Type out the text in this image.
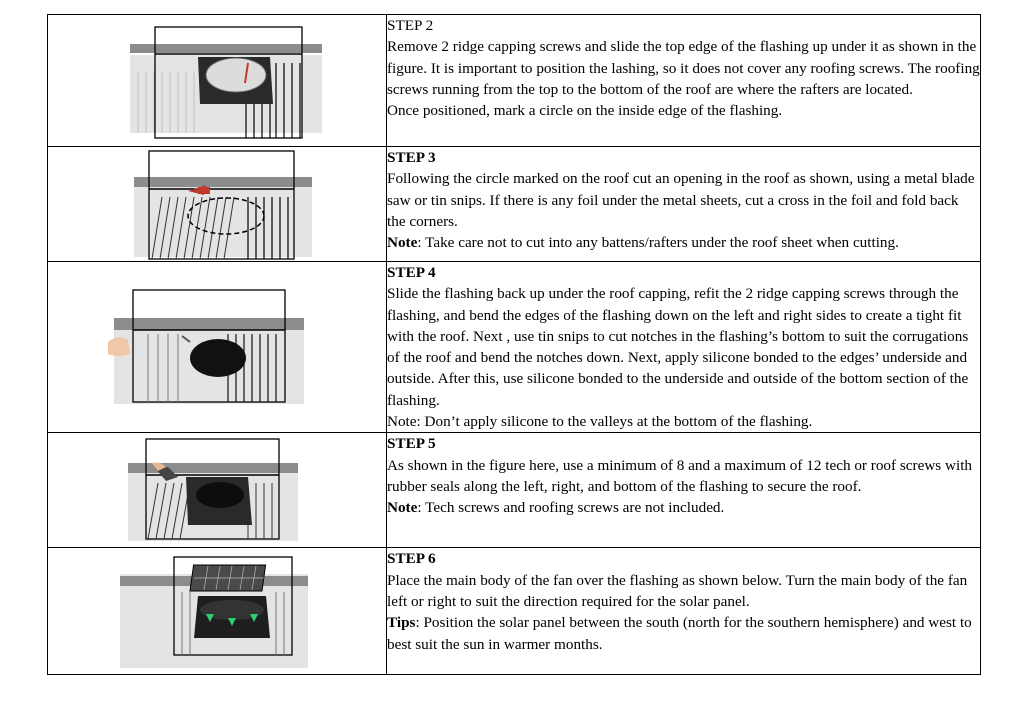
STEP 2
Remove 2 ridge capping screws and slide the top edge of the flashing up under it as shown in the figure. It is important to position the lashing, so it does not cover any roofing screws. The roofing screws running from the top to the bottom of the roof are where the rafters are located.
Once positioned, mark a circle on the inside edge of the flashing.

STEP 3
Following the circle marked on the roof cut an opening in the roof as shown, using a metal blade saw or tin snips. If there is any foil under the metal sheets, cut a cross in the foil and fold back the corners.
Note: Take care not to cut into any battens/rafters under the roof sheet when cutting.

STEP 4
Slide the flashing back up under the roof capping, refit the 2 ridge capping screws through the flashing, and bend the edges of the flashing down on the left and right sides to create a tight fit with the roof. Next , use tin snips to cut notches in the flashing’s bottom to suit the corrugations of the roof and bend the notches down. Next, apply silicone bonded to the edges’ underside and outside. After this, use silicone bonded to the underside and outside of the bottom section of the flashing.
Note: Don’t apply silicone to the valleys at the bottom of the flashing.

STEP 5
As shown in the figure here, use a minimum of 8 and a maximum of 12 tech or roof screws with rubber seals along the left, right, and bottom of the flashing to secure the roof.
Note: Tech screws and roofing screws are not included.

STEP 6
Place the main body of the fan over the flashing as shown below. Turn the main body of the fan left or right to suit the direction required for the solar panel.
Tips: Position the solar panel between the south (north for the southern hemisphere) and west to best suit the sun in warmer months.
